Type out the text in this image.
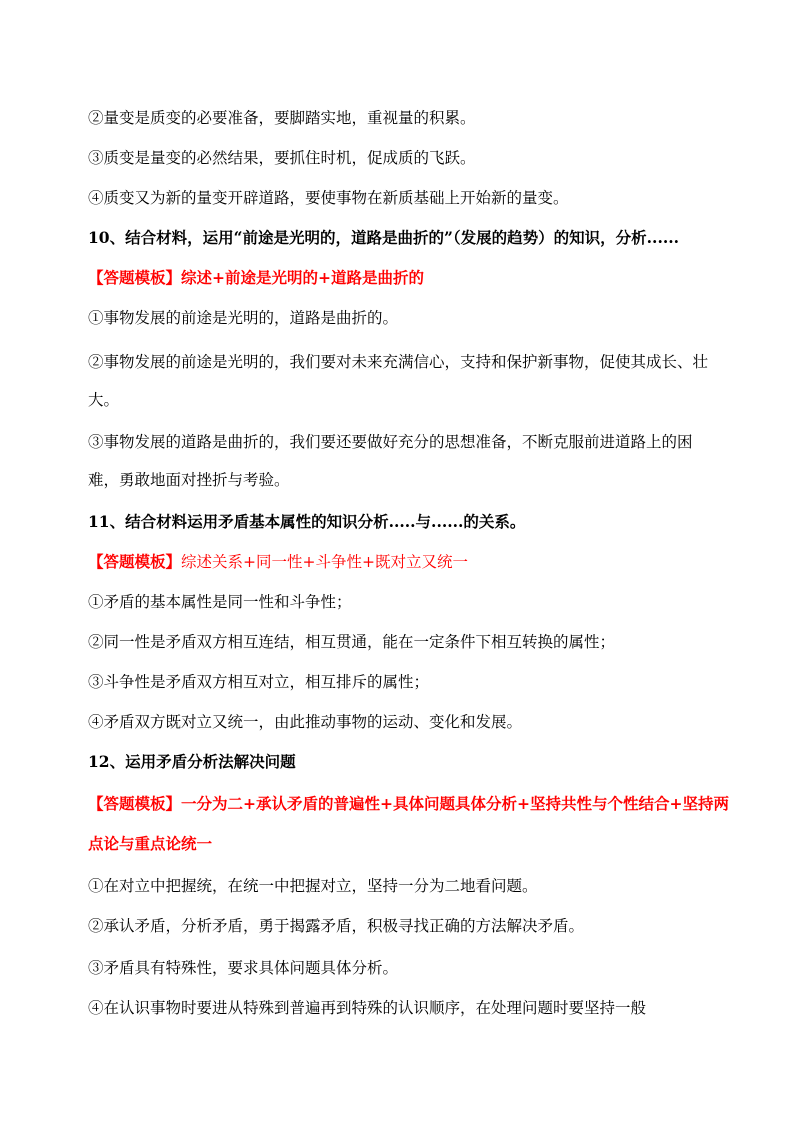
②量变是质变的必要准备，要脚踏实地，重视量的积累。
③质变是量变的必然结果，要抓住时机，促成质的飞跃。
④质变又为新的量变开辟道路，要使事物在新质基础上开始新的量变。
10、结合材料，运用“前途是光明的，道路是曲折的”（发展的趋势）的知识，分析......
【答题模板】综述+前途是光明的+道路是曲折的
①事物发展的前途是光明的，道路是曲折的。
②事物发展的前途是光明的，我们要对未来充满信心，支持和保护新事物，促使其成长、壮
大。
③事物发展的道路是曲折的，我们要还要做好充分的思想准备，不断克服前进道路上的困
难，勇敢地面对挫折与考验。
11、结合材料运用矛盾基本属性的知识分析.....与......的关系。
【答题模板】综述关系+同一性+斗争性+既对立又统一
①矛盾的基本属性是同一性和斗争性；
②同一性是矛盾双方相互连结，相互贯通，能在一定条件下相互转换的属性；
③斗争性是矛盾双方相互对立，相互排斥的属性；
④矛盾双方既对立又统一，由此推动事物的运动、变化和发展。
12、运用矛盾分析法解决问题
【答题模板】一分为二+承认矛盾的普遍性+具体问题具体分析+坚持共性与个性结合+坚持两
点论与重点论统一
①在对立中把握统，在统一中把握对立，坚持一分为二地看问题。
②承认矛盾，分析矛盾，勇于揭露矛盾，积极寻找正确的方法解决矛盾。
③矛盾具有特殊性，要求具体问题具体分析。
④在认识事物时要进从特殊到普遍再到特殊的认识顺序，在处理问题时要坚持一般
